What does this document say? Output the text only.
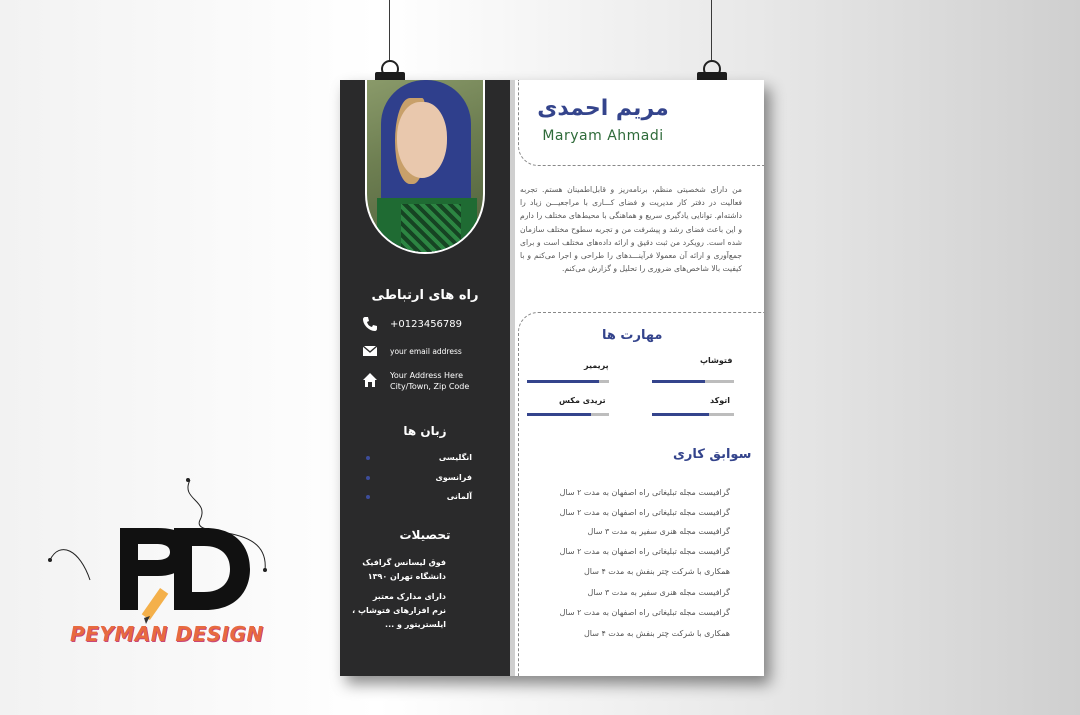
راه های ارتباطی
+0123456789
your email address
Your Address Here
City/Town, Zip Code
زبان ها
انگلیسی
فرانسوی
آلمانی
تحصیلات
فوق لیسانس گرافیک
دانشگاه تهران ۱۳۹۰
دارای مدارک معتبر
نرم افزارهای فتوشاپ ،
ایلستریتور و ...
مریم احمدی
Maryam Ahmadi

من دارای شخصیتی منظم، برنامه‌ریز و قابل‌اطمینان هستم. تجربه فعالیت در دفتر کار مدیریت و فضای کـــاری با مراجعیـــن زیاد را داشته‌ام. توانایی یادگیری سریع و هماهنگی با محیط‌های مختلف را دارم و این باعث فضای رشد و پیشرفت من و تجربه سطوح مختلف سازمان شده است. رویکرد من ثبت دقیق و ارائه داده‌های مختلف است و برای جمع‌آوری و ارائه آن معمولا فرآینـــدهای را طراحی و اجرا می‌کنم و با کیفیت بالا شاخص‌های ضروری را تحلیل و گزارش می‌کنم.

مهارت ها
فتوشاپ
پریمیر
اتوکد
تریدی مکس
سوابق کاری
گرافیست مجله تبلیغاتی راه اصفهان به مدت ۲ سال
گرافیست مجله تبلیغاتی راه اصفهان به مدت ۲ سال
گرافیست مجله هنری سفیر به مدت ۳ سال
گرافیست مجله تبلیغاتی راه اصفهان به مدت ۲ سال
همکاری با شرکت چتر بنفش به مدت ۴ سال
گرافیست مجله هنری سفیر به مدت ۳ سال
گرافیست مجله تبلیغاتی راه اصفهان به مدت ۲ سال
همکاری با شرکت چتر بنفش به مدت ۴ سال
PEYMAN DESIGN
